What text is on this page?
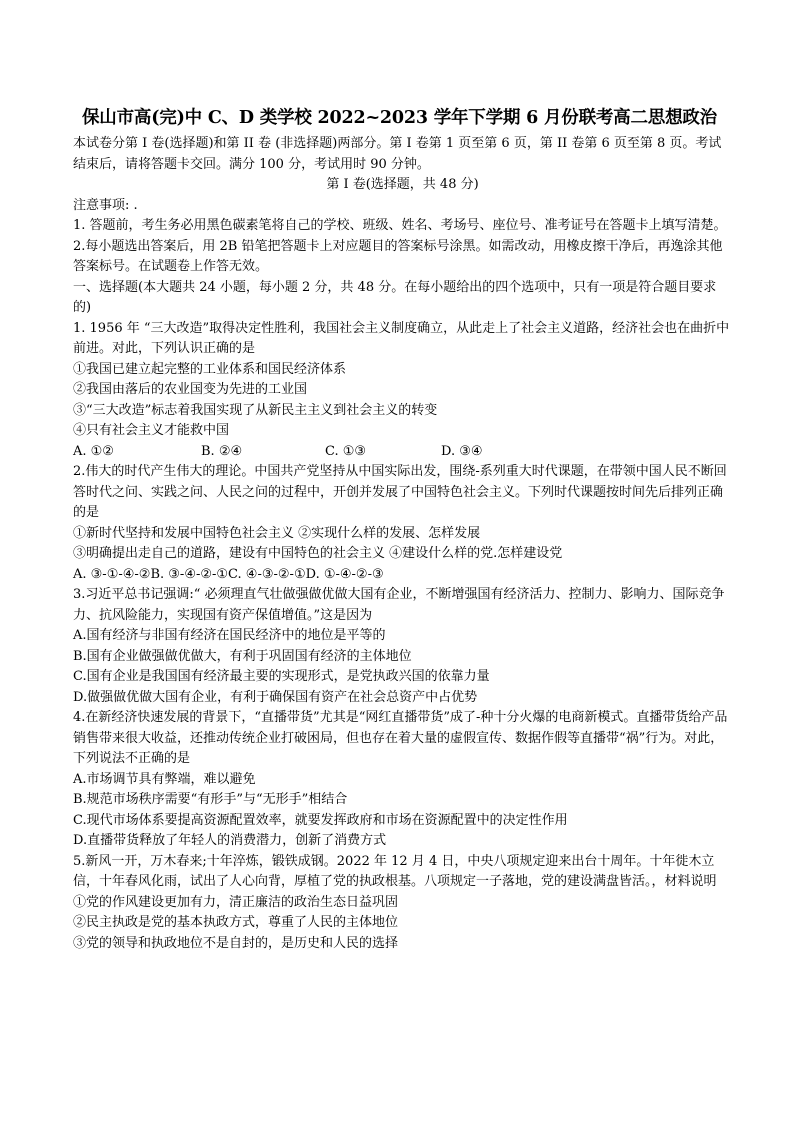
保山市高(完)中 C、D 类学校 2022~2023 学年下学期 6 月份联考高二思想政治

本试卷分第 I 卷(选择题)和第 II 卷 (非选择题)两部分。第 I 卷第 1 页至第 6 页，第 II 卷第 6 页至第 8 页。考试结束后，请将答题卡交回。满分 100 分，考试用时 90 分钟。

第 I 卷(选择题，共 48 分)

注意事项: .

1. 答题前，考生务必用黑色碳素笔将自己的学校、班级、姓名、考场号、座位号、准考证号在答题卡上填写清楚。

2.每小题选出答案后，用 2B 铅笔把答题卡上对应题目的答案标号涂黑。如需改动，用橡皮擦干净后，再逸涂其他答案标号。在试题卷上作答无效。

一、选择题(本大题共 24 小题，每小题 2 分，共 48 分。在每小题给出的四个选项中，只有一项是符合题目要求的)

1. 1956 年 “三大改造”取得决定性胜利，我国社会主义制度确立，从此走上了社会主义道路，经济社会也在曲折中前进。对此，下列认识正确的是

①我国已建立起完整的工业体系和国民经济体系

②我国由落后的农业国变为先进的工业国

③“三大改造”标志着我国实现了从新民主主义到社会主义的转变

④只有社会主义才能救中国

A. ①②	B. ②④	C. ①③	D. ③④

2.伟大的时代产生伟大的理论。中国共产党坚持从中国实际出发，围绕-系列重大时代课题，在带领中国人民不断回答时代之问、实践之问、人民之问的过程中，开创并发展了中国特色社会主义。下列时代课题按时间先后排列正确的是

①新时代坚持和发展中国特色社会主义 ②实现什么样的发展、怎样发展

③明确提出走自己的道路，建设有中国特色的社会主义 ④建设什么样的党.怎样建设党

A. ③-①-④-②B. ③-④-②-①C. ④-③-②-①D. ①-④-②-③

3.习近平总书记强调:“ 必须理直气壮做强做优做大国有企业，不断增强国有经济活力、控制力、影响力、国际竞争力、抗风险能力，实现国有资产保值增值。”这是因为

A.国有经济与非国有经济在国民经济中的地位是平等的

B.国有企业做强做优做大，有利于巩固国有经济的主体地位

C.国有企业是我国国有经济最主要的实现形式，是党执政兴国的依靠力量

D.做强做优做大国有企业，有利于确保国有资产在社会总资产中占优势

4.在新经济快速发展的背景下，“直播带货”尤其是“网红直播带货”成了-种十分火爆的电商新模式。直播带货给产品销售带来很大收益，还推动传统企业打破困局，但也存在着大量的虚假宣传、数据作假等直播带“祸”行为。对此，下列说法不正确的是

A.市场调节具有弊端，难以避免

B.规范市场秩序需要“有形手”与“无形手”相结合

C.现代市场体系要提高资源配置效率，就要发挥政府和市场在资源配置中的决定性作用

D.直播带货释放了年轻人的消费潜力，创新了消费方式

5.新风一开，万木春来;十年淬炼，锻铁成钢。2022 年 12 月 4 日，中央八项规定迎来出台十周年。十年徙木立信，十年春风化雨，试出了人心向背，厚植了党的执政根基。八项规定一子落地，党的建设满盘皆活。，材料说明

①党的作风建设更加有力，清正廉洁的政治生态日益巩固

②民主执政是党的基本执政方式，尊重了人民的主体地位

③党的领导和执政地位不是自封的，是历史和人民的选择
